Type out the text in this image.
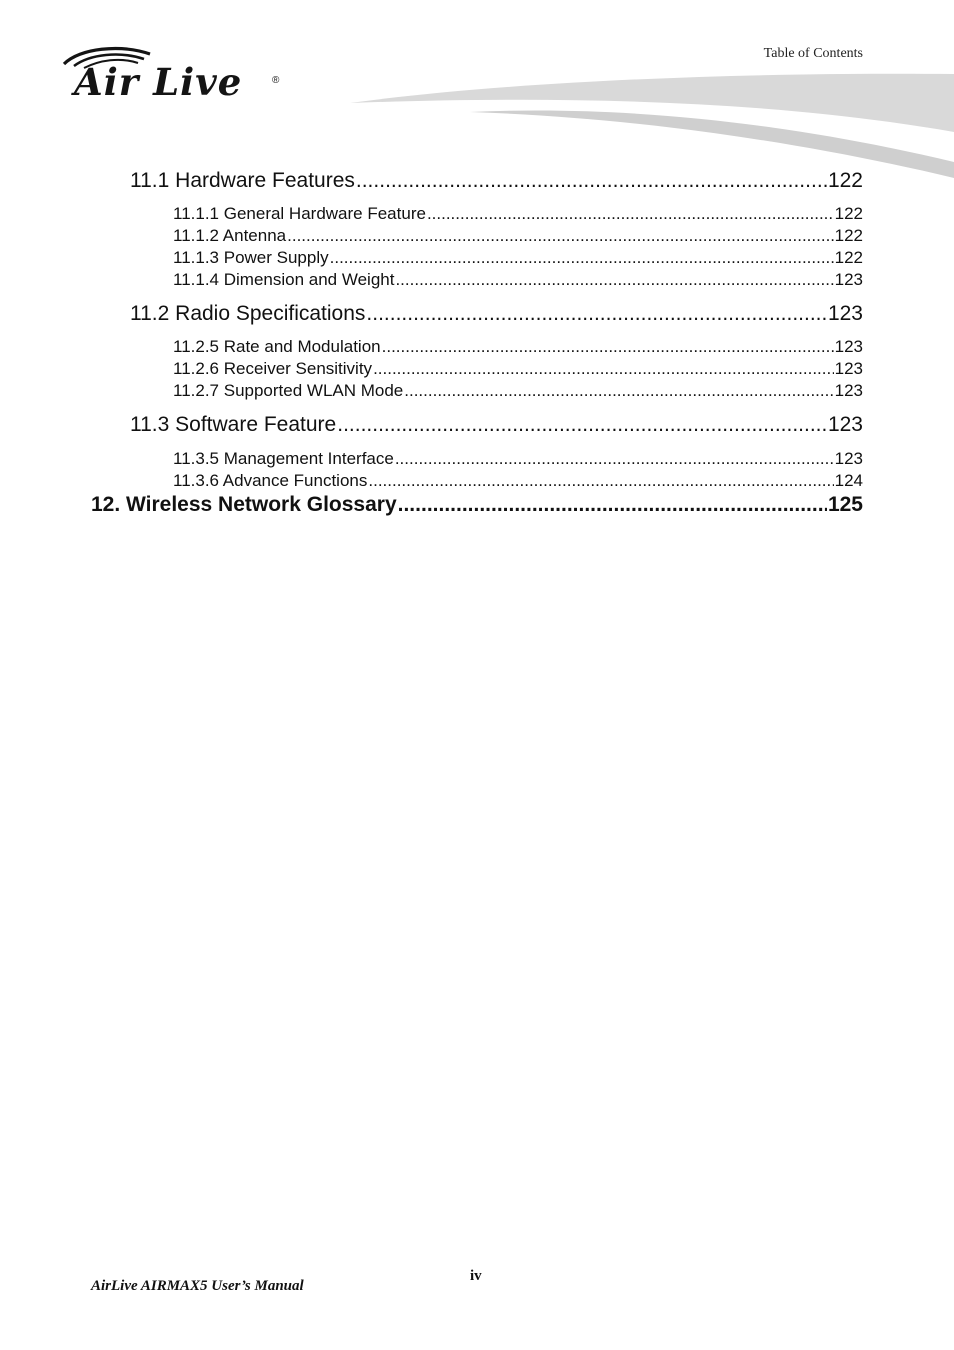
Table of Contents
Air Live	®
11.1 Hardware Features .....	122
11.1.1 General Hardware Feature .....	122
11.1.2 Antenna .....	122
11.1.3 Power Supply .....	122
11.1.4 Dimension and Weight .....	123
11.2 Radio Specifications .....	123
11.2.5 Rate and Modulation .....	123
11.2.6 Receiver Sensitivity .....	123
11.2.7 Supported WLAN Mode .....	123
11.3 Software Feature .....	123
11.3.5 Management Interface .....	123
11.3.6 Advance Functions .....	124
12. Wireless Network Glossary .....	125
iv
AirLive AIRMAX5 User’s Manual
